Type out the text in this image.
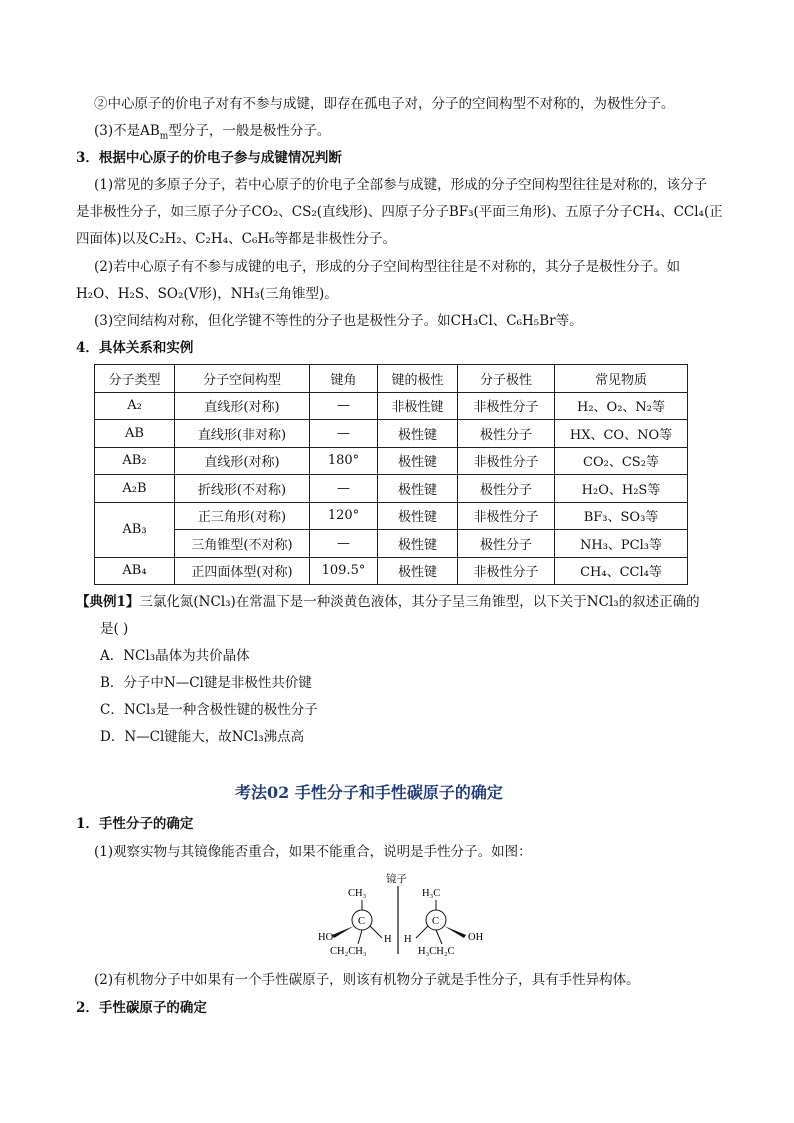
②中心原子的价电子对有不参与成键，即存在孤电子对，分子的空间构型不对称的，为极性分子。
(3)不是$AB_m$型分子，一般是极性分子。
3．根据中心原子的价电子参与成键情况判断
(1)常见的多原子分子，若中心原子的价电子全部参与成键，形成的分子空间构型往往是对称的，该分子
是非极性分子，如三原子分子CO₂、CS₂(直线形)、四原子分子BF₃(平面三角形)、五原子分子CH₄、CCl₄(正
四面体)以及C₂H₂、C₂H₄、C₆H₆等都是非极性分子。
(2)若中心原子有不参与成键的电子，形成的分子空间构型往往是不对称的，其分子是极性分子。如
H₂O、H₂S、SO₂(V形)，NH₃(三角锥型)。
(3)空间结构对称，但化学键不等性的分子也是极性分子。如CH₃Cl、C₆H₅Br等。
4．具体关系和实例
分子类型	分子空间构型	键角	键的极性	分子极性	常见物质
A₂	直线形(对称)	—	非极性键	非极性分子	H₂、O₂、N₂等
AB	直线形(非对称)	—	极性键	极性分子	HX、CO、NO等
AB₂	直线形(对称)	180°	极性键	非极性分子	CO₂、CS₂等
A₂B	折线形(不对称)	—	极性键	极性分子	H₂O、H₂S等
AB₃	正三角形(对称)	120°	极性键	非极性分子	BF₃、SO₃等
	三角锥型(不对称)	—	极性键	极性分子	NH₃、PCl₃等
AB₄	正四面体型(对称)	109.5°	极性键	非极性分子	CH₄、CCl₄等
【典例1】三氯化氮(NCl₃)在常温下是一种淡黄色液体，其分子呈三角锥型，以下关于NCl₃的叙述正确的
是( )
A．NCl₃晶体为共价晶体
B．分子中N—Cl键是非极性共价键
C．NCl₃是一种含极性键的极性分子
D．N—Cl键能大，故NCl₃沸点高
考法02 手性分子和手性碳原子的确定
1．手性分子的确定
(1)观察实物与其镜像能否重合，如果不能重合，说明是手性分子。如图：
镜子
CH₃
C
HO	H
CH₂CH₃
H₃C
C
OH
H
H₃CH₂C
(2)有机物分子中如果有一个手性碳原子，则该有机物分子就是手性分子，具有手性异构体。
2．手性碳原子的确定
